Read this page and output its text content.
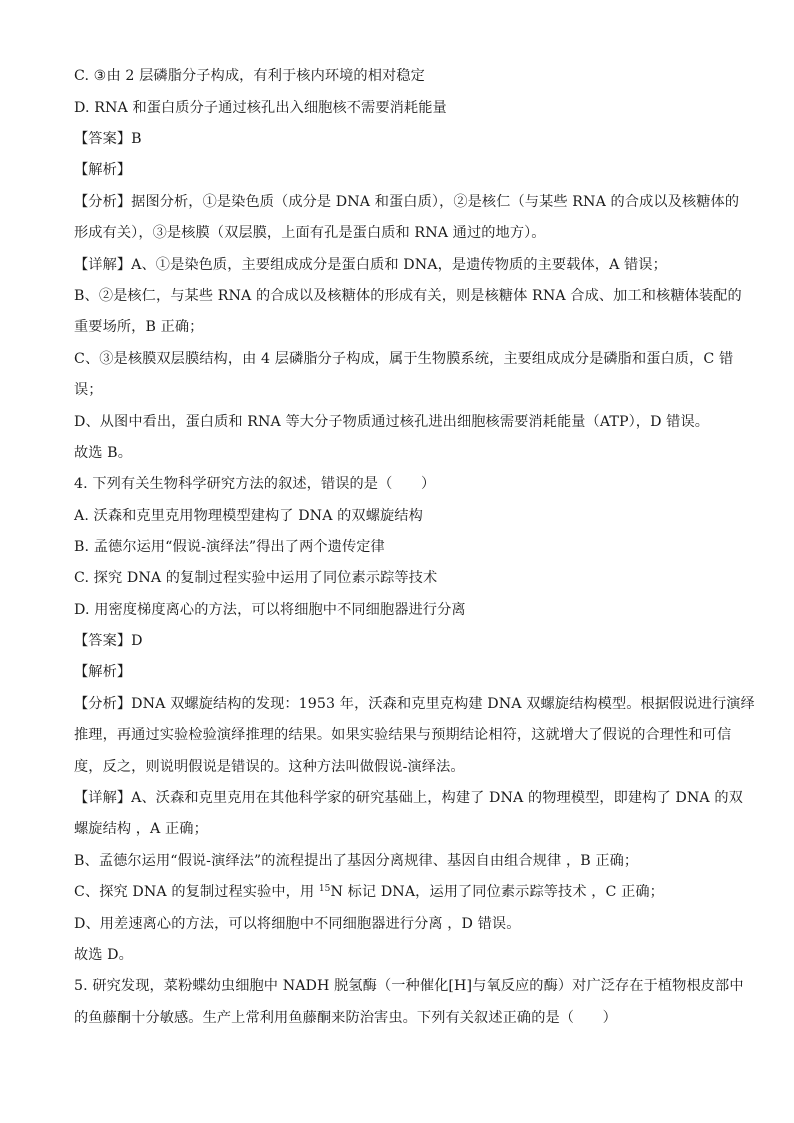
C. ③由 2 层磷脂分子构成，有利于核内环境的相对稳定
D. RNA 和蛋白质分子通过核孔出入细胞核不需要消耗能量
【答案】B
【解析】
【分析】据图分析，①是染色质（成分是 DNA 和蛋白质），②是核仁（与某些 RNA 的合成以及核糖体的
形成有关），③是核膜（双层膜，上面有孔是蛋白质和 RNA 通过的地方）。
【详解】A、①是染色质，主要组成成分是蛋白质和 DNA，是遗传物质的主要载体，A 错误；
B、②是核仁，与某些 RNA 的合成以及核糖体的形成有关，则是核糖体 RNA 合成、加工和核糖体装配的
重要场所，B 正确；
C、③是核膜双层膜结构，由 4 层磷脂分子构成，属于生物膜系统，主要组成成分是磷脂和蛋白质，C 错
误；
D、从图中看出，蛋白质和 RNA 等大分子物质通过核孔进出细胞核需要消耗能量（ATP），D 错误。
故选 B。
4. 下列有关生物科学研究方法的叙述，错误的是（　　）
A. 沃森和克里克用物理模型建构了 DNA 的双螺旋结构
B. 孟德尔运用“假说-演绎法”得出了两个遗传定律
C. 探究 DNA 的复制过程实验中运用了同位素示踪等技术
D. 用密度梯度离心的方法，可以将细胞中不同细胞器进行分离
【答案】D
【解析】
【分析】DNA 双螺旋结构的发现：1953 年，沃森和克里克构建 DNA 双螺旋结构模型。根据假说进行演绎
推理，再通过实验检验演绎推理的结果。如果实验结果与预期结论相符，这就增大了假说的合理性和可信
度，反之，则说明假说是错误的。这种方法叫做假说-演绎法。
【详解】A、沃森和克里克用在其他科学家的研究基础上，构建了 DNA 的物理模型，即建构了 DNA 的双
螺旋结构 ，A 正确；
B、孟德尔运用“假说-演绎法”的流程提出了基因分离规律、基因自由组合规律 ，B 正确；
C、探究 DNA 的复制过程实验中，用 $^{15}$N 标记 DNA，运用了同位素示踪等技术 ，C 正确；
D、用差速离心的方法，可以将细胞中不同细胞器进行分离 ，D 错误。
故选 D。
5. 研究发现，菜粉蝶幼虫细胞中 NADH 脱氢酶（一种催化[H]与氧反应的酶）对广泛存在于植物根皮部中
的鱼藤酮十分敏感。生产上常利用鱼藤酮来防治害虫。下列有关叙述正确的是（　　）
